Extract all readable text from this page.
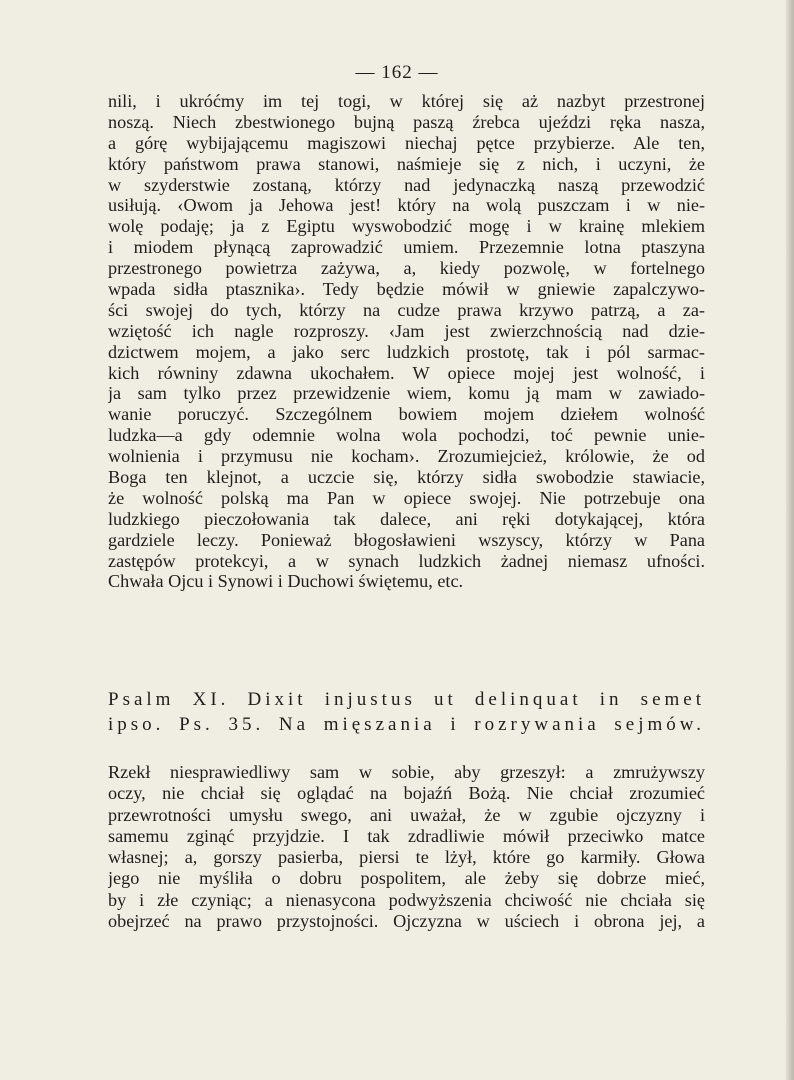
— 162 —
nili, i ukróćmy im tej togi, w której się aż nazbyt przestronej
noszą. Niech zbestwionego bujną paszą źrebca ujeździ ręka nasza,
a górę wybijającemu magiszowi niechaj pętce przybierze. Ale ten,
który państwom prawa stanowi, naśmieje się z nich, i uczyni, że
w szyderstwie zostaną, którzy nad jedynaczką naszą przewodzić
usiłują. ‹Owom ja Jehowa jest! który na wolą puszczam i w nie-
wolę podaję; ja z Egiptu wyswobodzić mogę i w krainę mlekiem
i miodem płynącą zaprowadzić umiem. Przezemnie lotna ptaszyna
przestronego powietrza zażywa, a, kiedy pozwolę, w fortelnego
wpada sidła ptasznika›. Tedy będzie mówił w gniewie zapalczywo-
ści swojej do tych, którzy na cudze prawa krzywo patrzą, a za-
wziętość ich nagle rozproszy. ‹Jam jest zwierzchnością nad dzie-
dzictwem mojem, a jako serc ludzkich prostotę, tak i pól sarmac-
kich równiny zdawna ukochałem. W opiece mojej jest wolność, i
ja sam tylko przez przewidzenie wiem, komu ją mam w zawiado-
wanie poruczyć. Szczególnem bowiem mojem dziełem wolność
ludzka—a gdy odemnie wolna wola pochodzi, toć pewnie unie-
wolnienia i przymusu nie kocham›. Zrozumiejcież, królowie, że od
Boga ten klejnot, a uczcie się, którzy sidła swobodzie stawiacie,
że wolność polską ma Pan w opiece swojej. Nie potrzebuje ona
ludzkiego pieczołowania tak dalece, ani ręki dotykającej, która
gardziele leczy. Ponieważ błogosławieni wszyscy, którzy w Pana
zastępów protekcyi, a w synach ludzkich żadnej niemasz ufności.
Chwała Ojcu i Synowi i Duchowi świętemu, etc.
Psalm XI. Dixit injustus ut delinquat in semet
ipso. Ps. 35. Na mięszania i rozrywania sejmów.
Rzekł niesprawiedliwy sam w sobie, aby grzeszył: a zmrużywszy
oczy, nie chciał się oglądać na bojaźń Bożą. Nie chciał zrozumieć
przewrotności umysłu swego, ani uważał, że w zgubie ojczyzny i
samemu zginąć przyjdzie. I tak zdradliwie mówił przeciwko matce
własnej; a, gorszy pasierba, piersi te lżył, które go karmiły. Głowa
jego nie myśliła o dobru pospolitem, ale żeby się dobrze mieć,
by i złe czyniąc; a nienasycona podwyższenia chciwość nie chciała się
obejrzeć na prawo przystojności. Ojczyzna w uściech i obrona jej, a
